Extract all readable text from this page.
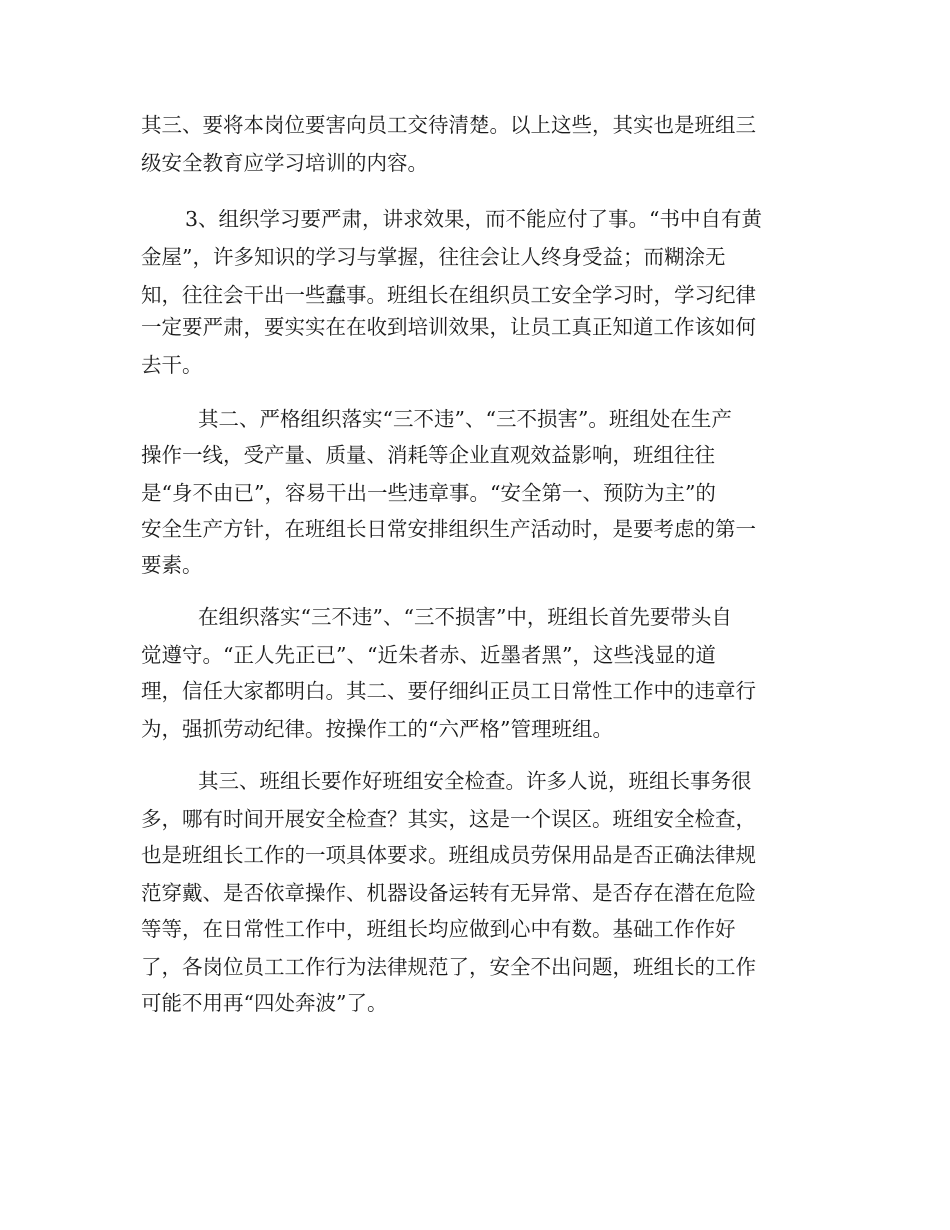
其三、要将本岗位要害向员工交待清楚。以上这些，其实也是班组三
级安全教育应学习培训的内容。
3、组织学习要严肃，讲求效果，而不能应付了事。“书中自有黄
金屋”，许多知识的学习与掌握，往往会让人终身受益；而糊涂无
知，往往会干出一些蠢事。班组长在组织员工安全学习时，学习纪律
一定要严肃，要实实在在收到培训效果，让员工真正知道工作该如何
去干。
其二、严格组织落实“三不违”、“三不损害”。班组处在生产
操作一线，受产量、质量、消耗等企业直观效益影响，班组往往
是“身不由已”，容易干出一些违章事。“安全第一、预防为主”的
安全生产方针，在班组长日常安排组织生产活动时，是要考虑的第一
要素。
在组织落实“三不违”、“三不损害”中，班组长首先要带头自
觉遵守。“正人先正已”、“近朱者赤、近墨者黑”，这些浅显的道
理，信任大家都明白。其二、要仔细纠正员工日常性工作中的违章行
为，强抓劳动纪律。按操作工的“六严格”管理班组。
其三、班组长要作好班组安全检查。许多人说，班组长事务很
多，哪有时间开展安全检查？其实，这是一个误区。班组安全检查，
也是班组长工作的一项具体要求。班组成员劳保用品是否正确法律规
范穿戴、是否依章操作、机器设备运转有无异常、是否存在潜在危险
等等，在日常性工作中，班组长均应做到心中有数。基础工作作好
了，各岗位员工工作行为法律规范了，安全不出问题，班组长的工作
可能不用再“四处奔波”了。
